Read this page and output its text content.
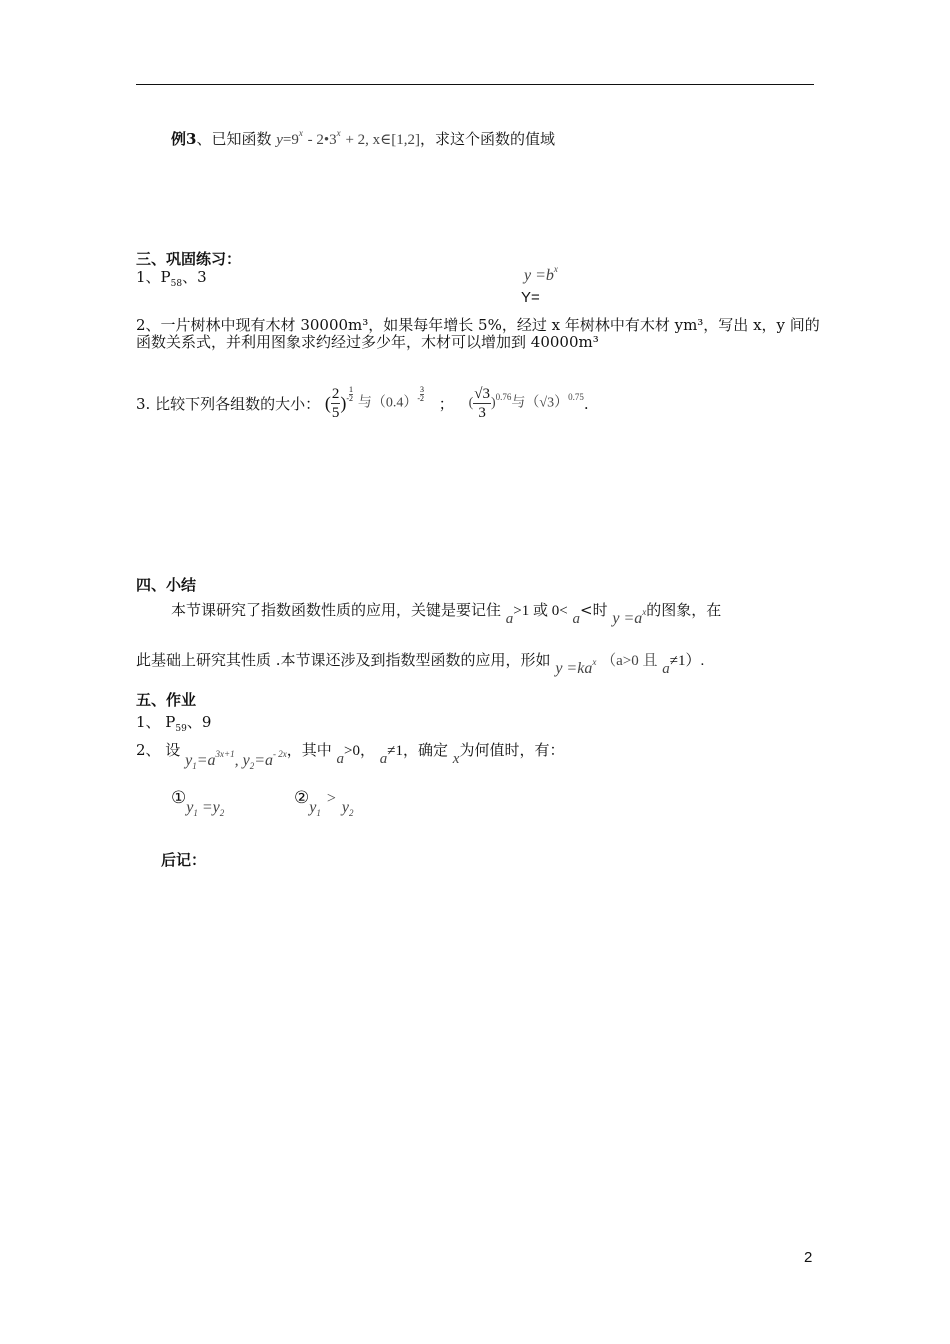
例3、已知函数 $y=9^x$ - $2•3^x + 2$, x∈[1,2]，求这个函数的值域
三、巩固练习：
1、$P_{58}$、3	$y =b^x$
Y=
2、一片树林中现有木材 30000m³，如果每年增长 5%，经过 x 年树林中有木材 ym³，写出 x，y 间的
函数关系式，并利用图象求约经过多少年，木材可以增加到 40000m³
3. 比较下列各组数的大小： ( $\frac{2}{5}$ )- $\frac{1}{2}$ 与$(0.4)- \frac{3}{2}$ ； ( $\frac{√3}{3} )^{0.76}$与$(√3)^{0.75}$.
四、小结
本节课研究了指数函数性质的应用，关键是要记住 a>1 或 0< a<时 $y =a^x$的图象，在
此基础上研究其性质 .本节课还涉及到指数型函数的应用，形如 $y =ka^x$ （a>0 且 a≠1）.
五、作业
1、 $P_{59}$、9
2、 设 $y_1=a^{3x+1}$, $y_2=a^{- 2x}$，其中 a>0， a≠1，确定 x为何值时，有：
$①y_1 =y_2$
$②y_1>y_2$
后记：
2
